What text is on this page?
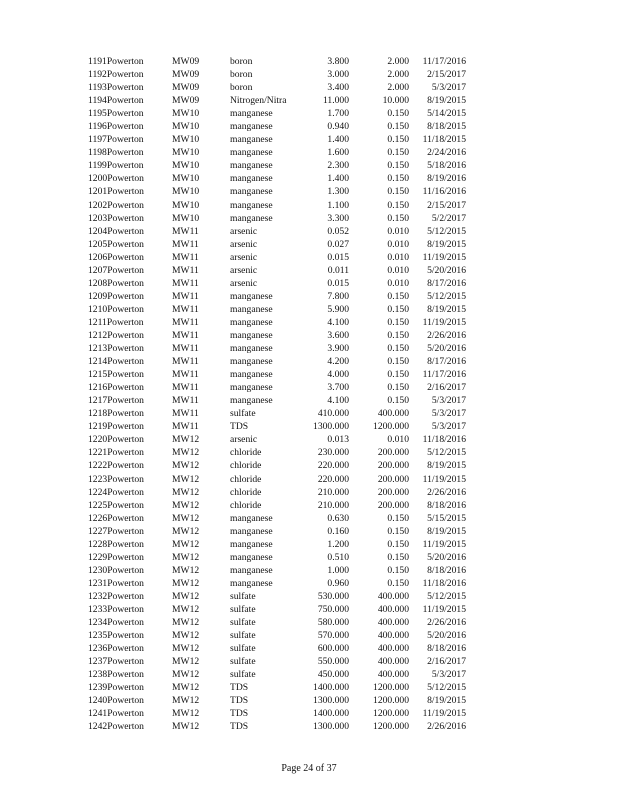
1191Powerton	MW09	boron	3.800	2.000	11/17/2016
1192Powerton	MW09	boron	3.000	2.000	2/15/2017
1193Powerton	MW09	boron	3.400	2.000	5/3/2017
1194Powerton	MW09	Nitrogen/Nitra	11.000	10.000	8/19/2015
1195Powerton	MW10	manganese	1.700	0.150	5/14/2015
1196Powerton	MW10	manganese	0.940	0.150	8/18/2015
1197Powerton	MW10	manganese	1.400	0.150	11/18/2015
1198Powerton	MW10	manganese	1.600	0.150	2/24/2016
1199Powerton	MW10	manganese	2.300	0.150	5/18/2016
1200Powerton	MW10	manganese	1.400	0.150	8/19/2016
1201Powerton	MW10	manganese	1.300	0.150	11/16/2016
1202Powerton	MW10	manganese	1.100	0.150	2/15/2017
1203Powerton	MW10	manganese	3.300	0.150	5/2/2017
1204Powerton	MW11	arsenic	0.052	0.010	5/12/2015
1205Powerton	MW11	arsenic	0.027	0.010	8/19/2015
1206Powerton	MW11	arsenic	0.015	0.010	11/19/2015
1207Powerton	MW11	arsenic	0.011	0.010	5/20/2016
1208Powerton	MW11	arsenic	0.015	0.010	8/17/2016
1209Powerton	MW11	manganese	7.800	0.150	5/12/2015
1210Powerton	MW11	manganese	5.900	0.150	8/19/2015
1211Powerton	MW11	manganese	4.100	0.150	11/19/2015
1212Powerton	MW11	manganese	3.600	0.150	2/26/2016
1213Powerton	MW11	manganese	3.900	0.150	5/20/2016
1214Powerton	MW11	manganese	4.200	0.150	8/17/2016
1215Powerton	MW11	manganese	4.000	0.150	11/17/2016
1216Powerton	MW11	manganese	3.700	0.150	2/16/2017
1217Powerton	MW11	manganese	4.100	0.150	5/3/2017
1218Powerton	MW11	sulfate	410.000	400.000	5/3/2017
1219Powerton	MW11	TDS	1300.000	1200.000	5/3/2017
1220Powerton	MW12	arsenic	0.013	0.010	11/18/2016
1221Powerton	MW12	chloride	230.000	200.000	5/12/2015
1222Powerton	MW12	chloride	220.000	200.000	8/19/2015
1223Powerton	MW12	chloride	220.000	200.000	11/19/2015
1224Powerton	MW12	chloride	210.000	200.000	2/26/2016
1225Powerton	MW12	chloride	210.000	200.000	8/18/2016
1226Powerton	MW12	manganese	0.630	0.150	5/15/2015
1227Powerton	MW12	manganese	0.160	0.150	8/19/2015
1228Powerton	MW12	manganese	1.200	0.150	11/19/2015
1229Powerton	MW12	manganese	0.510	0.150	5/20/2016
1230Powerton	MW12	manganese	1.000	0.150	8/18/2016
1231Powerton	MW12	manganese	0.960	0.150	11/18/2016
1232Powerton	MW12	sulfate	530.000	400.000	5/12/2015
1233Powerton	MW12	sulfate	750.000	400.000	11/19/2015
1234Powerton	MW12	sulfate	580.000	400.000	2/26/2016
1235Powerton	MW12	sulfate	570.000	400.000	5/20/2016
1236Powerton	MW12	sulfate	600.000	400.000	8/18/2016
1237Powerton	MW12	sulfate	550.000	400.000	2/16/2017
1238Powerton	MW12	sulfate	450.000	400.000	5/3/2017
1239Powerton	MW12	TDS	1400.000	1200.000	5/12/2015
1240Powerton	MW12	TDS	1300.000	1200.000	8/19/2015
1241Powerton	MW12	TDS	1400.000	1200.000	11/19/2015
1242Powerton	MW12	TDS	1300.000	1200.000	2/26/2016
Page 24 of 37
